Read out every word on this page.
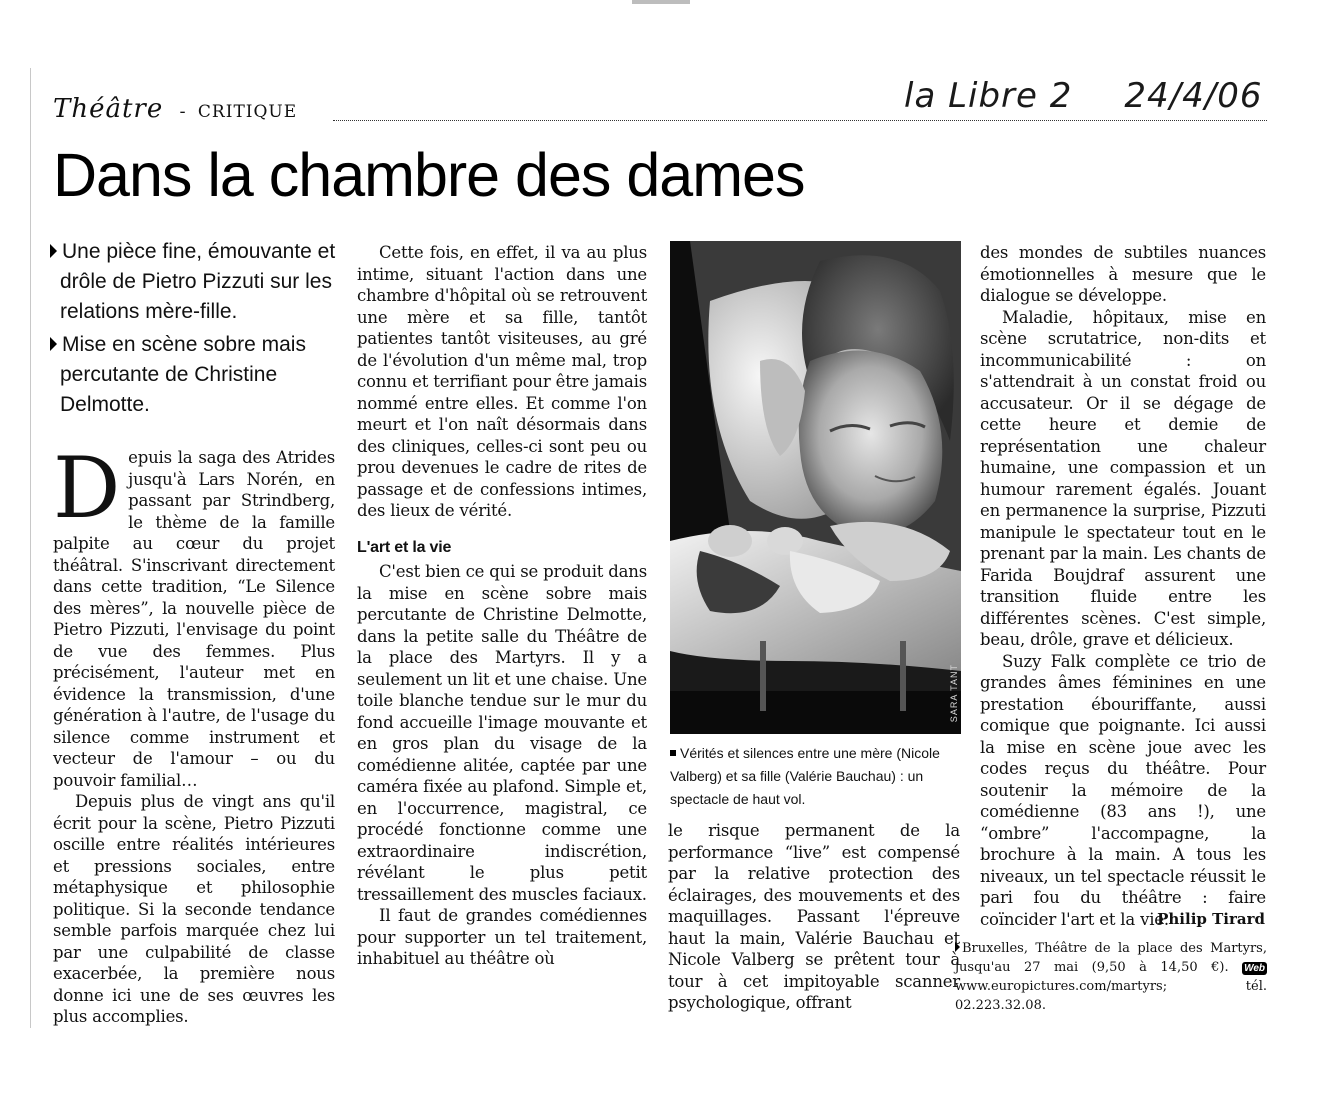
Théâtre - CRITIQUE	la Libre 2 24/4/06
Dans la chambre des dames

Une pièce fine, émouvante et drôle de Pietro Pizzuti sur les relations mère-fille.

Mise en scène sobre mais percutante de Christine Delmotte.

Depuis la saga des Atrides jusqu'à Lars Norén, en passant par Strindberg, le thème de la famille palpite au cœur du projet théâtral. S'inscrivant directement dans cette tradition, “Le Silence des mères”, la nouvelle pièce de Pietro Pizzuti, l'envisage du point de vue des femmes. Plus précisément, l'auteur met en évidence la transmission, d'une génération à l'autre, de l'usage du silence comme instrument et vecteur de l'amour – ou du pouvoir familial…

Depuis plus de vingt ans qu'il écrit pour la scène, Pietro Pizzuti oscille entre réalités intérieures et pressions sociales, entre métaphysique et philosophie politique. Si la seconde tendance semble parfois marquée chez lui par une culpabilité de classe exacerbée, la première nous donne ici une de ses œuvres les plus accomplies.

Cette fois, en effet, il va au plus intime, situant l'action dans une chambre d'hôpital où se retrouvent une mère et sa fille, tantôt patientes tantôt visiteuses, au gré de l'évolution d'un même mal, trop connu et terrifiant pour être jamais nommé entre elles. Et comme l'on meurt et l'on naît désormais dans des cliniques, celles-ci sont peu ou prou devenues le cadre de rites de passage et de confessions intimes, des lieux de vérité.

L'art et la vie

C'est bien ce qui se produit dans la mise en scène sobre mais percutante de Christine Delmotte, dans la petite salle du Théâtre de la place des Martyrs. Il y a seulement un lit et une chaise. Une toile blanche tendue sur le mur du fond accueille l'image mouvante et en gros plan du visage de la comédienne alitée, captée par une caméra fixée au plafond. Simple et, en l'occurrence, magistral, ce procédé fonctionne comme une extraordinaire indiscrétion, révélant le plus petit tressaillement des muscles faciaux.

Il faut de grandes comédiennes pour supporter un tel traitement, inhabituel au théâtre où

SARA TANT
Vérités et silences entre une mère (Nicole Valberg) et sa fille (Valérie Bauchau) : un spectacle de haut vol.

le risque permanent de la performance “live” est compensé par la relative protection des éclairages, des mouvements et des maquillages. Passant l'épreuve haut la main, Valérie Bauchau et Nicole Valberg se prêtent tour à tour à cet impitoyable scanner psychologique, offrant

des mondes de subtiles nuances émotionnelles à mesure que le dialogue se développe.

Maladie, hôpitaux, mise en scène scrutatrice, non-dits et incommunicabilité : on s'attendrait à un constat froid ou accusateur. Or il se dégage de cette heure et demie de représentation une chaleur humaine, une compassion et un humour rarement égalés. Jouant en permanence la surprise, Pizzuti manipule le spectateur tout en le prenant par la main. Les chants de Farida Boujdraf assurent une transition fluide entre les différentes scènes. C'est simple, beau, drôle, grave et délicieux.

Suzy Falk complète ce trio de grandes âmes féminines en une prestation ébouriffante, aussi comique que poignante. Ici aussi la mise en scène joue avec les codes reçus du théâtre. Pour soutenir la mémoire de la comédienne (83 ans !), une “ombre” l'accompagne, la brochure à la main. A tous les niveaux, un tel spectacle réussit le pari fou du théâtre : faire coïncider l'art et la vie.

Philip Tirard
Bruxelles, Théâtre de la place des Martyrs, jusqu'au 27 mai (9,50 à 14,50 €). Web www.europictures.com/martyrs;	tél. 02.223.32.08.
